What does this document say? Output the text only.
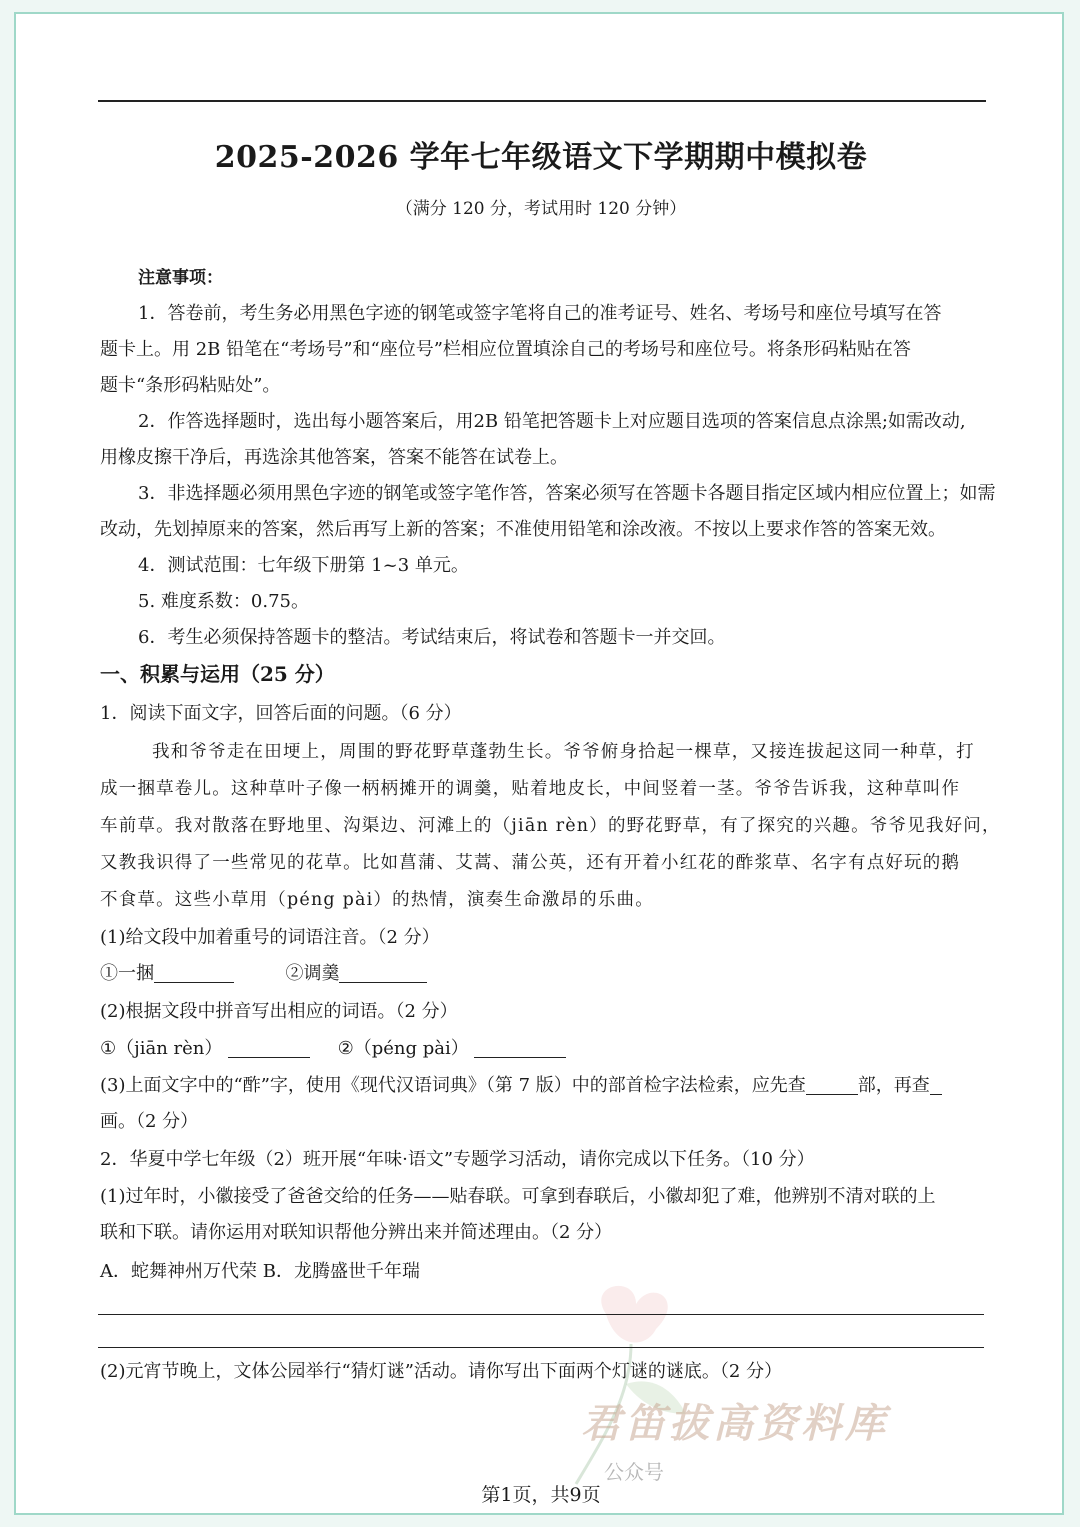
2025-2026 学年七年级语文下学期期中模拟卷
（满分 120 分，考试用时 120 分钟）
注意事项：
1．答卷前，考生务必用黑色字迹的钢笔或签字笔将自己的准考证号、姓名、考场号和座位号填写在答
题卡上。用 2B 铅笔在“考场号”和“座位号”栏相应位置填涂自己的考场号和座位号。将条形码粘贴在答
题卡“条形码粘贴处”。
2．作答选择题时，选出每小题答案后，用2B 铅笔把答题卡上对应题目选项的答案信息点涂黑;如需改动,
用橡皮擦干净后，再选涂其他答案，答案不能答在试卷上。
3．非选择题必须用黑色字迹的钢笔或签字笔作答，答案必须写在答题卡各题目指定区域内相应位置上；如需
改动，先划掉原来的答案，然后再写上新的答案；不准使用铅笔和涂改液。不按以上要求作答的答案无效。
4．测试范围：七年级下册第 1~3 单元。
5. 难度系数：0.75。
6．考生必须保持答题卡的整洁。考试结束后，将试卷和答题卡一并交回。
一、积累与运用（25 分）
1．阅读下面文字，回答后面的问题。（6 分）
我和爷爷走在田埂上，周围的野花野草蓬勃生长。爷爷俯身拾起一棵草，又接连拔起这同一种草，打
成一捆草卷儿。这种草叶子像一柄柄摊开的调羹，贴着地皮长，中间竖着一茎。爷爷告诉我，这种草叫作
车前草。我对散落在野地里、沟渠边、河滩上的（jiān rèn）的野花野草，有了探究的兴趣。爷爷见我好问，
又教我识得了一些常见的花草。比如菖蒲、艾蒿、蒲公英，还有开着小红花的酢浆草、名字有点好玩的鹅
不食草。这些小草用（péng pài）的热情，演奏生命激昂的乐曲。
(1)给文段中加着重号的词语注音。（2 分）
①一捆	②调羹
(2)根据文段中拼音写出相应的词语。（2 分）
①（jiān rèn）	②（péng pài）
(3)上面文字中的“酢”字，使用《现代汉语词典》（第 7 版）中的部首检字法检索，应先查	部，再查
画。（2 分）
2．华夏中学七年级（2）班开展“年味·语文”专题学习活动，请你完成以下任务。（10 分）
(1)过年时，小徽接受了爸爸交给的任务——贴春联。可拿到春联后，小徽却犯了难，他辨别不清对联的上
联和下联。请你运用对联知识帮他分辨出来并简述理由。（2 分）
A．蛇舞神州万代荣 B．龙腾盛世千年瑞
(2)元宵节晚上，文体公园举行“猜灯谜”活动。请你写出下面两个灯谜的谜底。（2 分）
君笛拔高资料库
公众号
第1页，共9页
